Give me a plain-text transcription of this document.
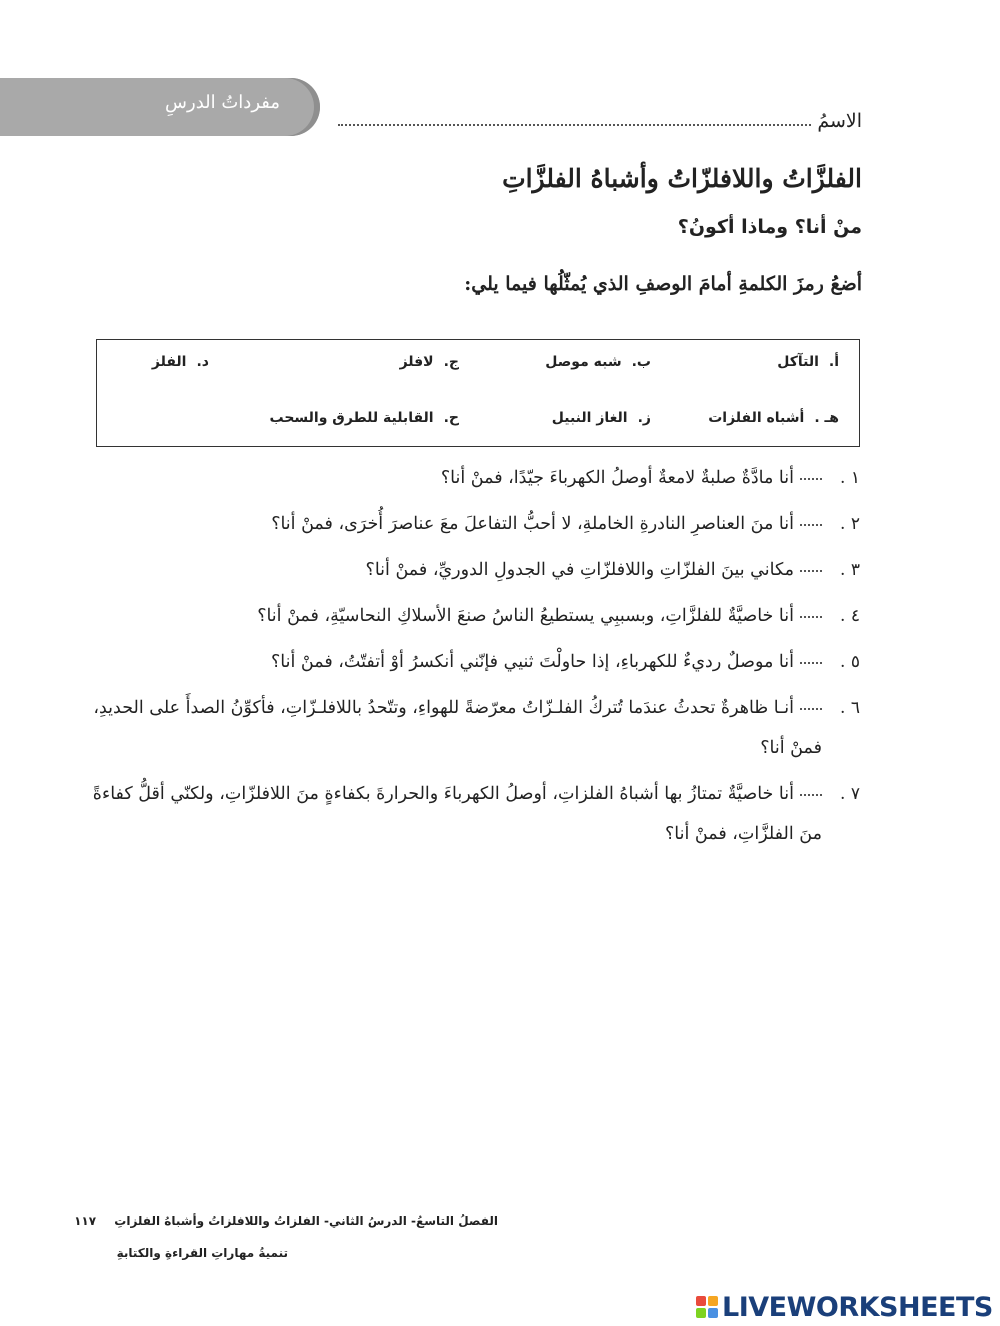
مفرداتُ الدرسِ
الاسمُ
الفلزَّاتُ واللافلزّاتُ وأشباهُ الفلزَّاتِ
منْ أنا؟ وماذا أكونُ؟
أضعُ رمزَ الكلمةِ أمامَ الوصفِ الذي يُمثّلُها فيما يلي:
أ.التآكل
ب.شبه موصل
ج.لافلز
د.الفلز
هـ .أشباه الفلزات
ز.الغاز النبيل
ح.القابلية للطرق والسحب
١ .
أنا مادَّةٌ صلبةٌ لامعةٌ أوصلُ الكهرباءَ جيّدًا، فمنْ أنا؟
٢ .
أنا منَ العناصرِ النادرةِ الخاملةِ، لا أحبُّ التفاعلَ معَ عناصرَ أُخرَى، فمنْ أنا؟
٣ .
مكاني بينَ الفلزّاتِ واللافلزّاتِ في الجدولِ الدوريِّ، فمنْ أنا؟
٤ .
أنا خاصيَّةٌ للفلزَّاتِ، وبسببِي يستطيعُ الناسُ صنعَ الأسلاكِ النحاسيّةِ، فمنْ أنا؟
٥ .
أنا موصلٌ رديءٌ للكهرباءِ، إذا حاولْتَ ثنيي فإنّني أنكسرُ أوْ أتفتّتُ، فمنْ أنا؟
٦ .
أنـا ظاهرةٌ تحدثُ عندَما تُتركُ الفلـزّاتُ معرّضةً للهواءِ، وتتّحدُ باللافلـزّاتِ، فأكوِّنُ الصدأَ على الحديدِ، فمنْ أنا؟
٧ .
أنا خاصيَّةٌ تمتازُ بها أشباهُ الفلزاتِ، أوصلُ الكهرباءَ والحرارةَ بكفاءةٍ منَ اللافلزّاتِ، ولكنّي أقلُّ كفاءةً منَ الفلزَّاتِ، فمنْ أنا؟
الفصلُ التاسعُ- الدرسُ الثاني- الفلزاتُ واللافلزاتُ وأشباهُ الفلزاتِ ١١٧
تنميةُ مهاراتِ القراءةِ والكتابةِ
LIVEWORKSHEETS
